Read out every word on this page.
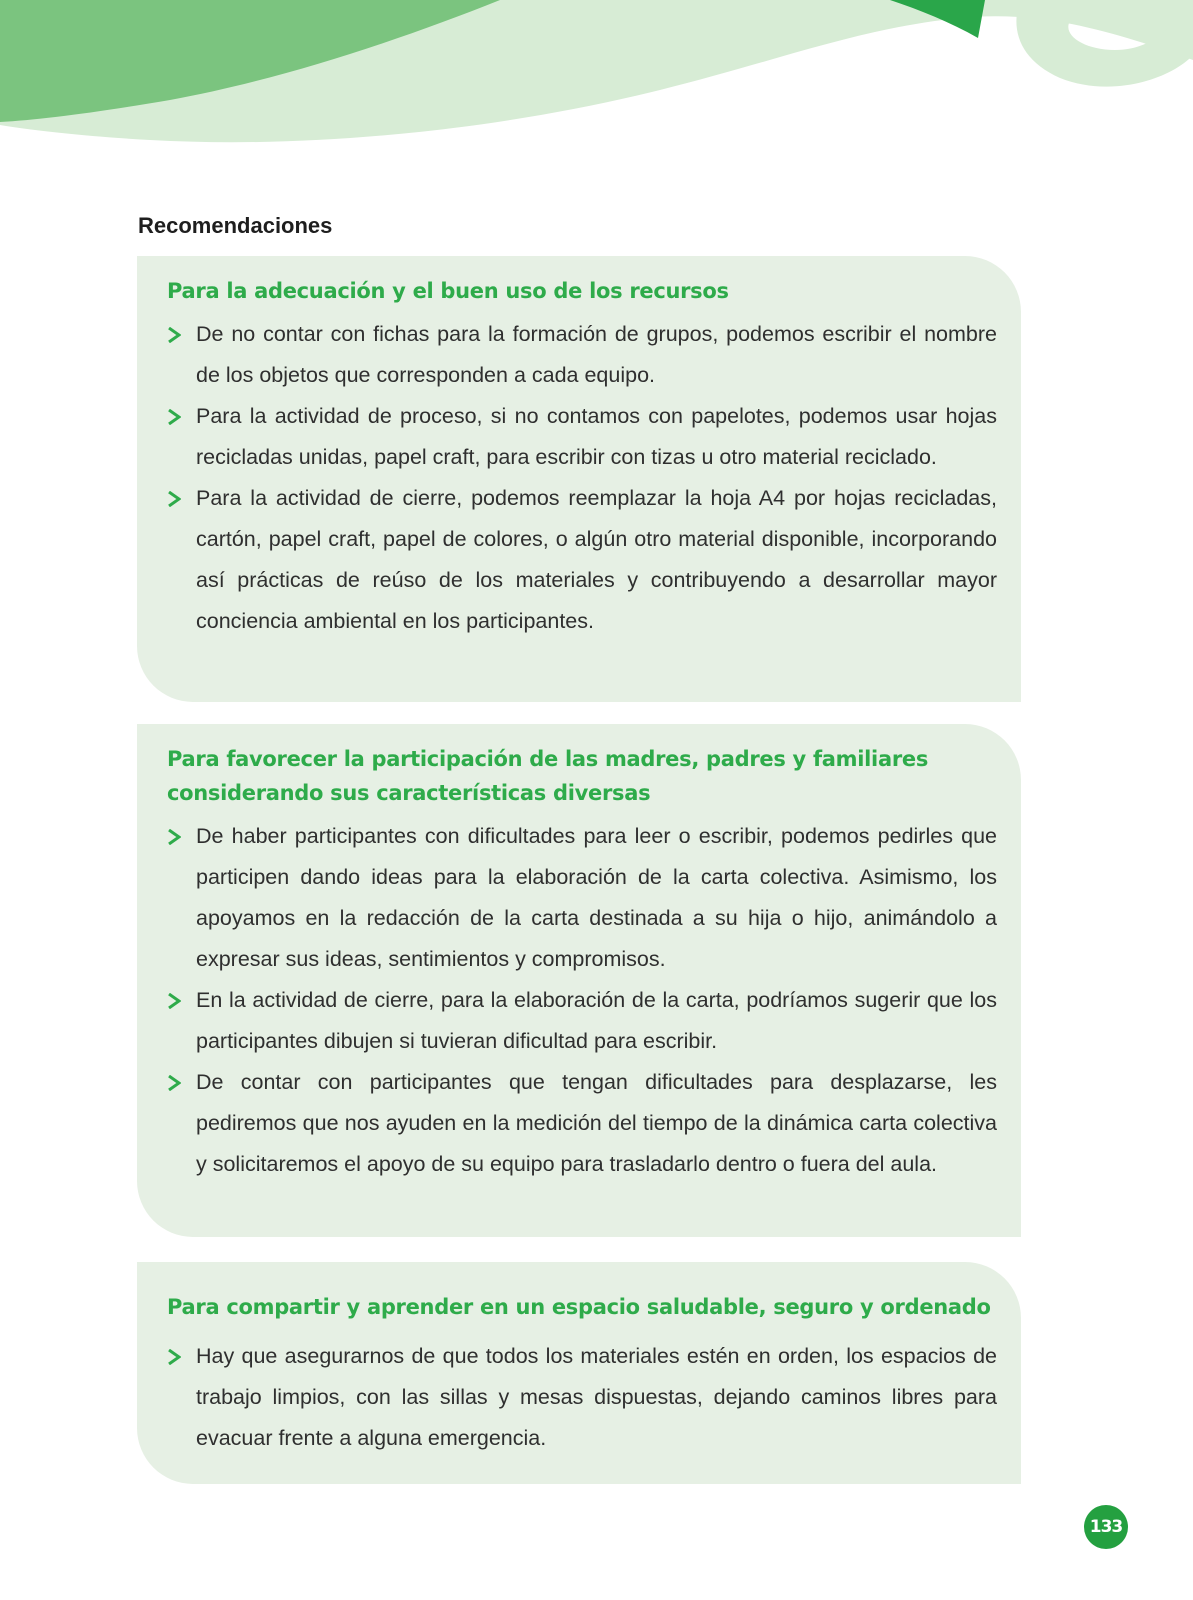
Recomendaciones
Para la adecuación y el buen uso de los recursos
De no contar con fichas para la formación de grupos, podemos escribir el nombre de los objetos que corresponden a cada equipo.
Para la actividad de proceso, si no contamos con papelotes, podemos usar hojas recicladas unidas, papel craft, para escribir con tizas u otro material reciclado.
Para la actividad de cierre, podemos reemplazar la hoja A4 por hojas recicladas, cartón, papel craft, papel de colores, o algún otro material disponible, incorporando así prácticas de reúso de los materiales y contribuyendo a desarrollar mayor conciencia ambiental en los participantes.
Para favorecer la participación de las madres, padres y familiares considerando sus características diversas
De haber participantes con dificultades para leer o escribir, podemos pedirles que participen dando ideas para la elaboración de la carta colectiva. Asimismo, los apoyamos en la redacción de la carta destinada a su hija o hijo, animándolo a expresar sus ideas, sentimientos y compromisos.
En la actividad de cierre, para la elaboración de la carta, podríamos sugerir que los participantes dibujen si tuvieran dificultad para escribir.
De contar con participantes que tengan dificultades para desplazarse, les pediremos que nos ayuden en la medición del tiempo de la dinámica carta colectiva y solicitaremos el apoyo de su equipo para trasladarlo dentro o fuera del aula.
Para compartir y aprender en un espacio saludable, seguro y ordenado
Hay que asegurarnos de que todos los materiales estén en orden, los espacios de trabajo limpios, con las sillas y mesas dispuestas, dejando caminos libres para evacuar frente a alguna emergencia.
133
